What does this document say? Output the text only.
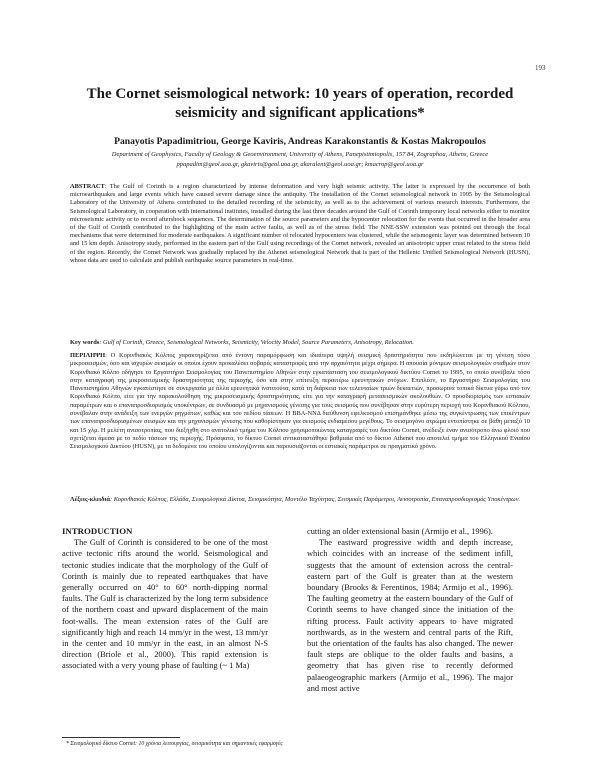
193
The Cornet seismological network: 10 years of operation, recorded seismicity and significant applications*
Panayotis Papadimitriou, George Kaviris, Andreas Karakonstantis & Kostas Makropoulos
Department of Geophysics, Faculty of Geology & Geoenvironment, University of Athens, Panepistimiopolis, 157 84, Zographou, Athens, Greece
ppapadim@geol.uoa.gr, gkaviris@geol.uoa.gr, akaralent@geol.uoa.gr; kmacrop@geol.uoa.gr

ABSTRACT: The Gulf of Corinth is a region characterized by intense deformation and very high seismic activity. The latter is expressed by the occurrence of both microearthquakes and large events which have caused severe damage since the antiquity. The installation of the Cornet seismological network in 1995 by the Seismological Laboratory of the University of Athens contributed to the detailed recording of the seismicity, as well as to the achievement of various research interests. Furthermore, the Seismological Laboratory, in cooperation with international institutes, installed during the last three decades around the Gulf of Corinth temporary local networks either to monitor microseismic activity or to record aftershock sequences. The determination of the source parameters and the hypocenter relocation for the events that occurred in the broader area of the Gulf of Corinth contributed to the highlighting of the main active faults, as well as of the stress field. The NNE-SSW extension was pointed out through the focal mechanisms that were determined for moderate earthquakes. A significant number of relocated hypocenters was clustered, while the seismogenic layer was determined between 10 and 15 km depth. Anisotropy study, performed in the eastern part of the Gulf using recordings of the Cornet network, revealed an anisotropic upper crust related to the stress field of the region. Recently, the Cornet Network was gradually replaced by the Athenet seismological Network that is part of the Hellenic Unified Seismological Network (HUSN), whose data are used to calculate and publish earthquake source parameters in real-time.

Key words: Gulf of Corinth, Greece, Seismological Networks, Seismicity, Velocity Model, Source Parameters, Anisotropy, Relocation.

ΠΕΡΙΛΗΨΗ: Ο Κορινθιακός Κόλπος χαρακτηρίζεται από έντονη παραμόρφωση και ιδιαίτερα υψηλή σεισμική δραστηριότητα που εκδηλώνεται με τη γένεση τόσο μικροσεισμών, όσο και ισχυρών σεισμών οι οποίοι έχουν προκαλέσει σοβαρές καταστροφές από την αρχαιότητα μέχρι σήμερα. Η απουσία μόνιμων σεισμολογικών σταθμών στον Κορινθιακό Κόλπο οδήγησε το Εργαστήριο Σεισμολογίας του Πανεπιστημίου Αθηνών στην εγκατάσταση του σεισμολογικού δικτύου Cornet το 1995, το οποίο συνέβαλε τόσο στην καταγραφή της μικροσεισμικής δραστηριότητας της περιοχής, όσο και στην επίτευξη περαιτέρω ερευνητικών στόχων. Επιπλέον, το Εργαστήριο Σεισμολογίας του Πανεπιστημίου Αθηνών εγκατέστησε σε συνεργασία με άλλα ερευνητικά ινστιτούτα, κατά τη διάρκεια των τελευταίων τριών δεκαετιών, προσωρινά τοπικά δίκτυα γύρω από τον Κορινθιακό Κόλπο, είτε για την παρακολούθηση της μικροσεισμικής δραστηριότητας, είτε για την καταγραφή μετασεισμικών ακολουθιών. Ο προσδιορισμός των εστιακών παραμέτρων και ο επαναπροσδιορισμός υποκέντρων, σε συνδυασμό με μηχανισμούς γένεσης για τους σεισμούς που συνέβησαν στην ευρύτερη περιοχή του Κορινθιακού Κόλπου, συνέβαλαν στην ανάδειξη των ενεργών ρηγμάτων, καθώς και του πεδίου τάσεων. Η ΒΒΑ-ΝΝΔ διεύθυνση εφελκυσμού επισημάνθηκε μέσω της συγκέντρωσης των επικέντρων των επαναπροσδιορισμένων σεισμών και την μηχανισμών γένεσης που καθορίστηκαν για σεισμούς ενδιαμέσου μεγέθους. Το σεισμογόνο στρώμα εντοπίστηκε σε βάθη μεταξύ 10 και 15 χλμ. Η μελέτη ανισοτροπίας, που διεξήχθη στο ανατολικό τμήμα του Κόλπου χρησιμοποιώντας καταγραφές του δικτύου Cornet, ανέδειξε έναν ανισότροπο άνω φλοιό που σχετίζεται άμεσα με το πεδίο τάσεων της περιοχής. Πρόσφατα, το δίκτυο Cornet αντικαταστάθηκε βαθμιαία από το δίκτυο Athenet που αποτελεί τμήμα του Ελληνικού Ενιαίου Σεισμολογικού Δικτύου (HUSN), με τα δεδομένα του οποίου υπολογίζονται και παρουσιάζονται οι εστιακές παράμετροι σε πραγματικό χρόνο.

Λέξεις-κλειδιά: Κορινθιακός Κόλπος, Ελλάδα, Σεισμολογικά Δίκτυα, Σεισμικότητα, Μοντέλο Ταχύτητας, Σεισμικές Παράμετροι, Ανισοτροπία, Επαναπροσδιορισμός Υποκέντρων.

INTRODUCTION

The Gulf of Corinth is considered to be one of the most active tectonic rifts around the world. Seismological and tectonic studies indicate that the morphology of the Gulf of Corinth is mainly due to repeated earthquakes that have generally occurred on 40° to 60° north-dipping normal faults. The Gulf is characterized by the long term subsidence of the northern coast and upward displacement of the main foot-walls. The mean extension rates of the Gulf are significantly high and reach 14 mm/yr in the west, 13 mm/yr in the center and 10 mm/yr in the east, in an almost N-S direction (Briole et al., 2000). This rapid extension is associated with a very young phase of faulting (~ 1 Ma)

cutting an older extensional basin (Armijo et al., 1996).

The eastward progressive width and depth increase, which coincides with an increase of the sediment infill, suggests that the amount of extension across the central-eastern part of the Gulf is greater than at the western boundary (Brooks & Ferentinos, 1984; Armijo et al., 1996). The faulting geometry at the eastern boundary of the Gulf of Corinth seems to have changed since the initiation of the rifting process. Fault activity appears to have migrated northwards, as in the western and central parts of the Rift, but the orientation of the faults has also changed. The newer fault steps are oblique to the older faults and basins, a geometry that has given rise to recently deformed palaeogeographic markers (Armijo et al., 1996). The major and most active

* Σεισμολογικό δίκτυο Cornet: 10 χρόνια λειτουργίας, σεισμικότητα και σημαντικές εφαρμογές
